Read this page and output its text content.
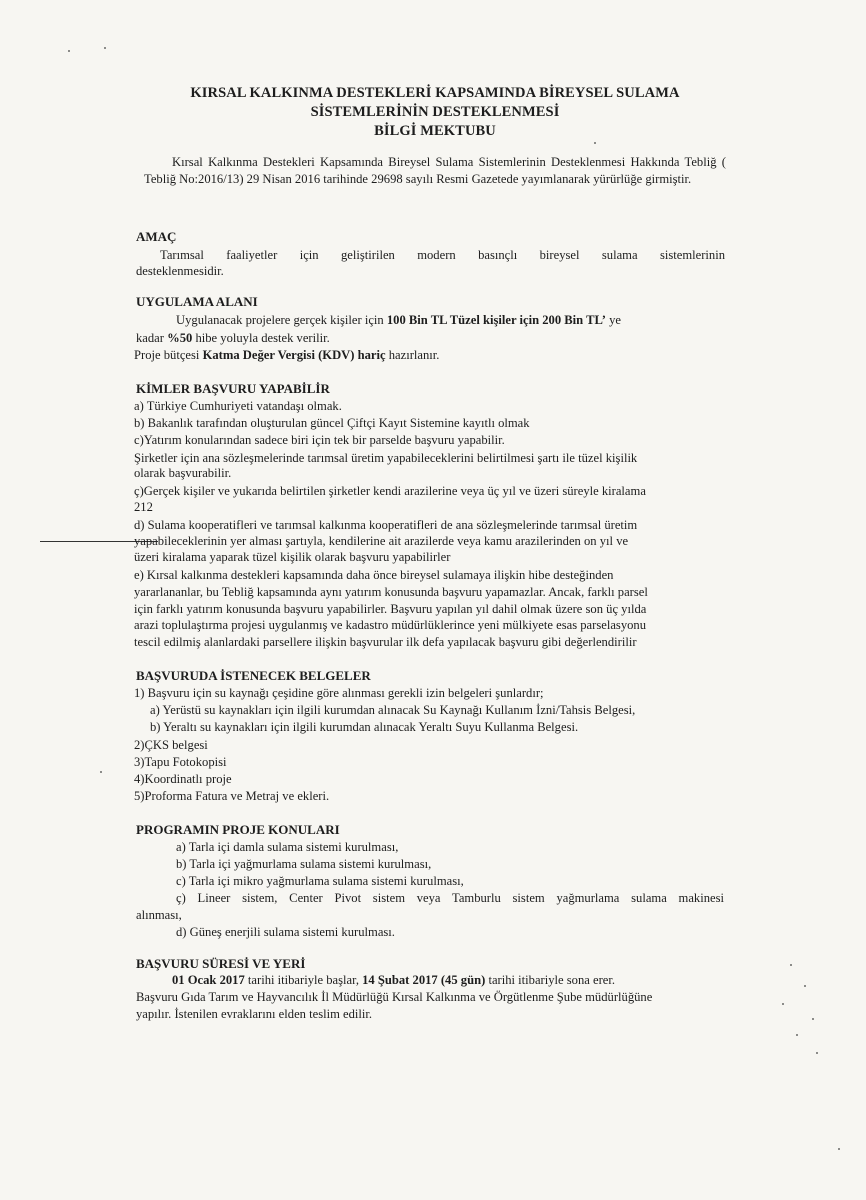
KIRSAL KALKINMA DESTEKLERİ KAPSAMINDA BİREYSEL SULAMA
SİSTEMLERİNİN DESTEKLENMESİ
BİLGİ MEKTUBU

Kırsal Kalkınma Destekleri Kapsamında Bireysel Sulama Sistemlerinin Desteklenmesi Hakkında Tebliğ ( Tebliğ No:2016/13) 29 Nisan 2016 tarihinde 29698 sayılı Resmi Gazetede yayımlanarak yürürlüğe girmiştir.

AMAÇ
Tarımsal faaliyetler için geliştirilen modern basınçlı bireysel sulama sistemlerinin
desteklenmesidir.
UYGULAMA ALANI
Uygulanacak projelere gerçek kişiler için 100 Bin TL Tüzel kişiler için 200 Bin TL’ ye
kadar %50 hibe yoluyla destek verilir.
Proje bütçesi Katma Değer Vergisi (KDV) hariç hazırlanır.
KİMLER BAŞVURU YAPABİLİR
a) Türkiye Cumhuriyeti vatandaşı olmak.
b) Bakanlık tarafından oluşturulan güncel Çiftçi Kayıt Sistemine kayıtlı olmak
c)Yatırım konularından sadece biri için tek bir parselde başvuru yapabilir.
Şirketler için ana sözleşmelerinde tarımsal üretim yapabileceklerini belirtilmesi şartı ile tüzel kişilik
olarak başvurabilir.
ç)Gerçek kişiler ve yukarıda belirtilen şirketler kendi arazilerine veya üç yıl ve üzeri süreyle kiralama
212
d) Sulama kooperatifleri ve tarımsal kalkınma kooperatifleri de ana sözleşmelerinde tarımsal üretim
yapabileceklerinin yer alması şartıyla, kendilerine ait arazilerde veya kamu arazilerinden on yıl ve
üzeri kiralama yaparak tüzel kişilik olarak başvuru yapabilirler
e) Kırsal kalkınma destekleri kapsamında daha önce bireysel sulamaya ilişkin hibe desteğinden
yararlananlar, bu Tebliğ kapsamında aynı yatırım konusunda başvuru yapamazlar. Ancak, farklı parsel
için farklı yatırım konusunda başvuru yapabilirler. Başvuru yapılan yıl dahil olmak üzere son üç yılda
arazi toplulaştırma projesi uygulanmış ve kadastro müdürlüklerince yeni mülkiyete esas parselasyonu
tescil edilmiş alanlardaki parsellere ilişkin başvurular ilk defa yapılacak başvuru gibi değerlendirilir
BAŞVURUDA İSTENECEK BELGELER
1) Başvuru için su kaynağı çeşidine göre alınması gerekli izin belgeleri şunlardır;
a) Yerüstü su kaynakları için ilgili kurumdan alınacak Su Kaynağı Kullanım İzni/Tahsis Belgesi,
b) Yeraltı su kaynakları için ilgili kurumdan alınacak Yeraltı Suyu Kullanma Belgesi.
2)ÇKS belgesi
3)Tapu Fotokopisi
4)Koordinatlı proje
5)Proforma Fatura ve Metraj ve ekleri.
PROGRAMIN PROJE KONULARI
a) Tarla içi damla sulama sistemi kurulması,
b) Tarla içi yağmurlama sulama sistemi kurulması,
c) Tarla içi mikro yağmurlama sulama sistemi kurulması,
ç) Lineer sistem, Center Pivot sistem veya Tamburlu sistem yağmurlama sulama makinesi
alınması,
d) Güneş enerjili sulama sistemi kurulması.
BAŞVURU SÜRESİ VE YERİ
01 Ocak 2017 tarihi itibariyle başlar, 14 Şubat 2017 (45 gün) tarihi itibariyle sona erer.
Başvuru Gıda Tarım ve Hayvancılık İl Müdürlüğü Kırsal Kalkınma ve Örgütlenme Şube müdürlüğüne
yapılır. İstenilen evraklarını elden teslim edilir.
